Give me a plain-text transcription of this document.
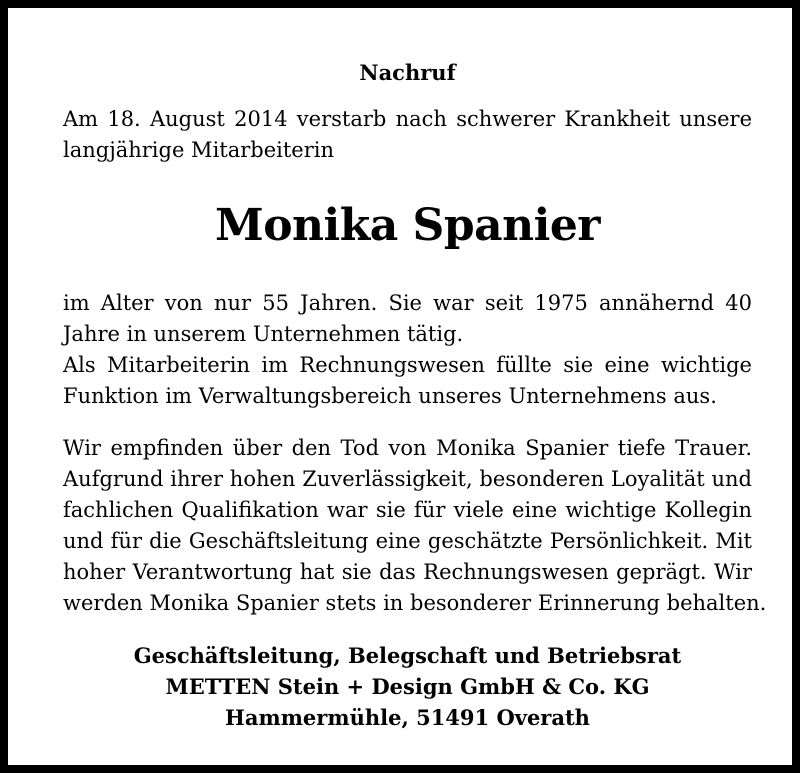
Nachruf
Am 18. August 2014 verstarb nach schwerer Krankheit unsere
langjährige Mitarbeiterin
Monika Spanier
im Alter von nur 55 Jahren. Sie war seit 1975 annähernd 40
Jahre in unserem Unternehmen tätig.
Als Mitarbeiterin im Rechnungswesen füllte sie eine wichtige
Funktion im Verwaltungsbereich unseres Unternehmens aus.
Wir empfinden über den Tod von Monika Spanier tiefe Trauer.
Aufgrund ihrer hohen Zuverlässigkeit, besonderen Loyalität und
fachlichen Qualifikation war sie für viele eine wichtige Kollegin
und für die Geschäftsleitung eine geschätzte Persönlichkeit. Mit
hoher Verantwortung hat sie das Rechnungswesen geprägt. Wir
werden Monika Spanier stets in besonderer Erinnerung behalten.
Geschäftsleitung, Belegschaft und Betriebsrat
METTEN Stein + Design GmbH & Co. KG
Hammermühle, 51491 Overath
